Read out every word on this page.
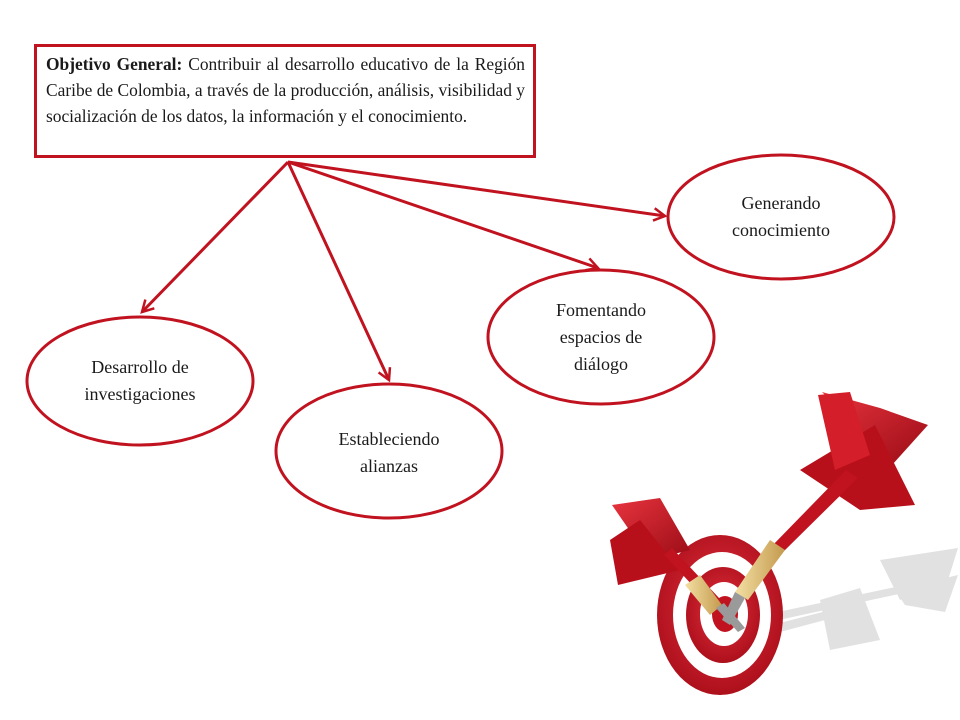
Objetivo General: Contribuir al desarrollo educativo de la Región Caribe de Colombia, a través de la producción, análisis, visibilidad y socialización de los datos, la información y el conocimiento.
Desarrollo de
investigaciones
Estableciendo
alianzas
Fomentando
espacios de
diálogo
Generando
conocimiento
